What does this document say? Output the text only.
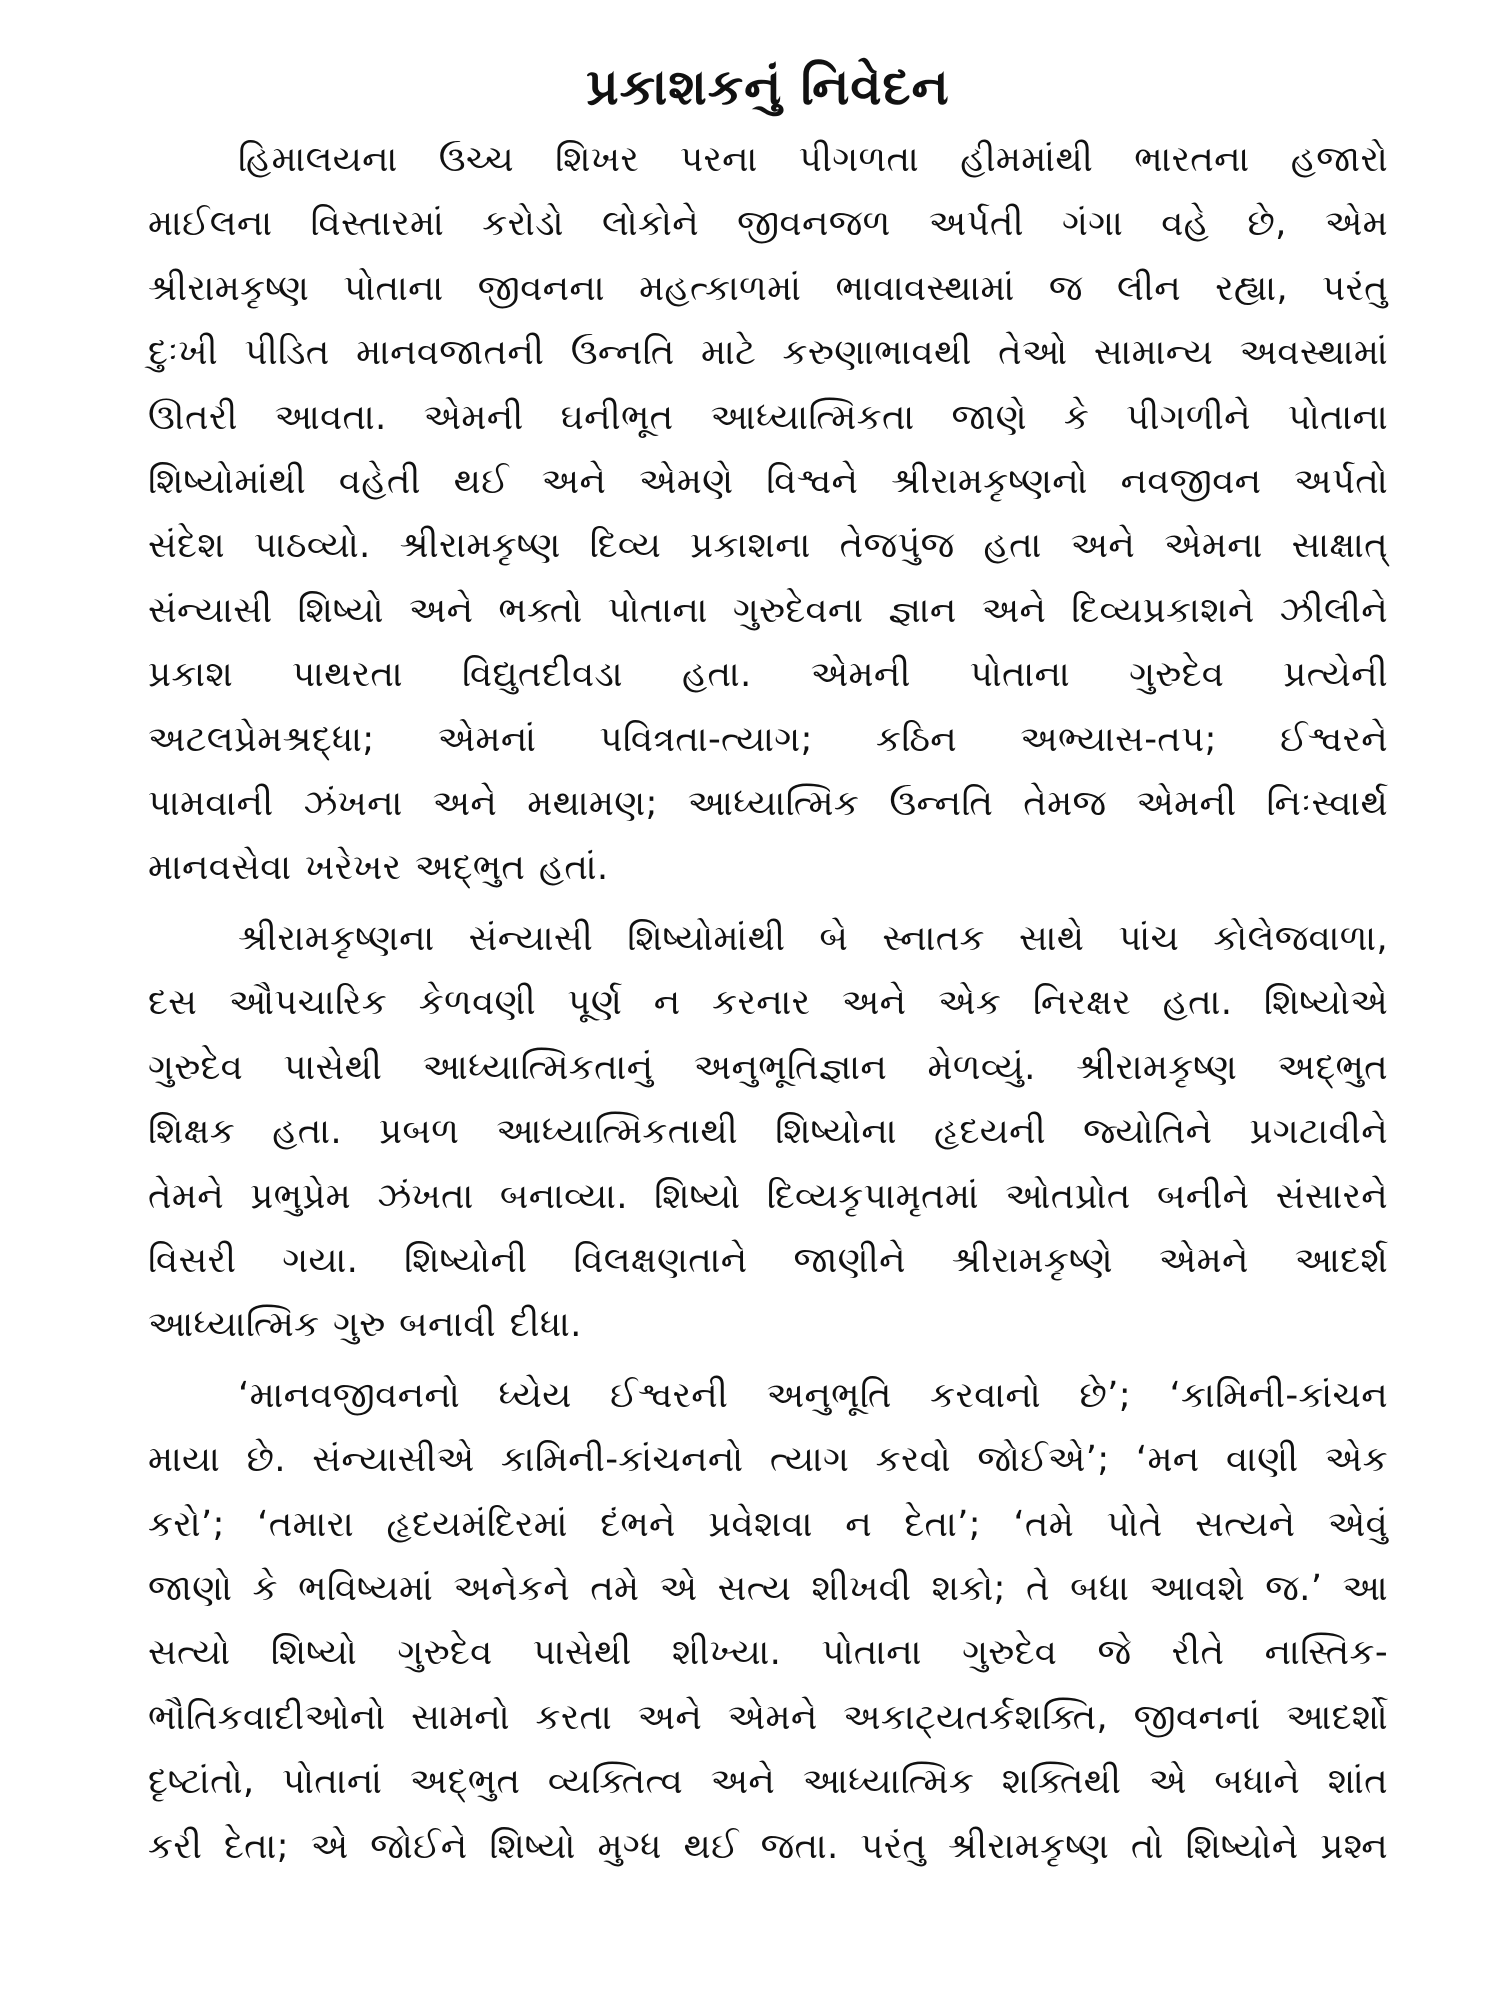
પ્રકાશકનું નિવેદન
હિમાલયના ઉચ્ચ શિખર પરના પીગળતા હીમમાંથી ભારતના હજારો
માઈલના વિસ્તારમાં કરોડો લોકોને જીવનજળ અર્પતી ગંગા વહે છે, એમ
શ્રીરામકૃષ્ણ પોતાના જીવનના મહત્કાળમાં ભાવાવસ્થામાં જ લીન રહ્યા, પરંતુ
દુઃખી પીડિત માનવજાતની ઉન્નતિ માટે કરુણાભાવથી તેઓ સામાન્ય અવસ્થામાં
ઊતરી આવતા. એમની ઘનીભૂત આધ્યાત્મિકતા જાણે કે પીગળીને પોતાના
શિષ્યોમાંથી વહેતી થઈ અને એમણે વિશ્વને શ્રીરામકૃષ્ણનો નવજીવન અર્પતો
સંદેશ પાઠવ્યો. શ્રીરામકૃષ્ણ દિવ્ય પ્રકાશના તેજપુંજ હતા અને એમના સાક્ષાત્
સંન્યાસી શિષ્યો અને ભક્તો પોતાના ગુરુદેવના જ્ઞાન અને દિવ્યપ્રકાશને ઝીલીને
પ્રકાશ પાથરતા વિદ્યુતદીવડા હતા. એમની પોતાના ગુરુદેવ પ્રત્યેની
અટલપ્રેમશ્રદ્ધા; એમનાં પવિત્રતા-ત્યાગ; કઠિન અભ્યાસ-તપ; ઈશ્વરને
પામવાની ઝંખના અને મથામણ; આધ્યાત્મિક ઉન્નતિ તેમજ એમની નિઃસ્વાર્થ
માનવસેવા ખરેખર અદ્‌ભુત હતાં.
શ્રીરામકૃષ્ણના સંન્યાસી શિષ્યોમાંથી બે સ્નાતક સાથે પાંચ કોલેજવાળા,
દસ ઔપચારિક કેળવણી પૂર્ણ ન કરનાર અને એક નિરક્ષર હતા. શિષ્યોએ
ગુરુદેવ પાસેથી આધ્યાત્મિકતાનું અનુભૂતિજ્ઞાન મેળવ્યું. શ્રીરામકૃષ્ણ અદ્‌ભુત
શિક્ષક હતા. પ્રબળ આધ્યાત્મિકતાથી શિષ્યોના હૃદયની જ્યોતિને પ્રગટાવીને
તેમને પ્રભુપ્રેમ ઝંખતા બનાવ્યા. શિષ્યો દિવ્યકૃપામૃતમાં ઓતપ્રોત બનીને સંસારને
વિસરી ગયા. શિષ્યોની વિલક્ષણતાને જાણીને શ્રીરામકૃષ્ણે એમને આદર્શ
આધ્યાત્મિક ગુરુ બનાવી દીધા.
‘માનવજીવનનો ધ્યેય ઈશ્વરની અનુભૂતિ કરવાનો છે’; ‘કામિની-કાંચન
માયા છે. સંન્યાસીએ કામિની-કાંચનનો ત્યાગ કરવો જોઈએ’; ‘મન વાણી એક
કરો’; ‘તમારા હૃદયમંદિરમાં દંભને પ્રવેશવા ન દેતા’; ‘તમે પોતે સત્યને એવું
જાણો કે ભવિષ્યમાં અનેકને તમે એ સત્ય શીખવી શકો; તે બધા આવશે જ.’ આ
સત્યો શિષ્યો ગુરુદેવ પાસેથી શીખ્યા. પોતાના ગુરુદેવ જે રીતે નાસ્તિક-
ભૌતિકવાદીઓનો સામનો કરતા અને એમને અકાટ્યતર્કશક્તિ, જીવનનાં આદર્શો
દૃષ્ટાંતો, પોતાનાં અદ્‌ભુત વ્યક્તિત્વ અને આધ્યાત્મિક શક્તિથી એ બધાને શાંત
કરી દેતા; એ જોઈને શિષ્યો મુગ્ધ થઈ જતા. પરંતુ શ્રીરામકૃષ્ણ તો શિષ્યોને પ્રશ્ન
